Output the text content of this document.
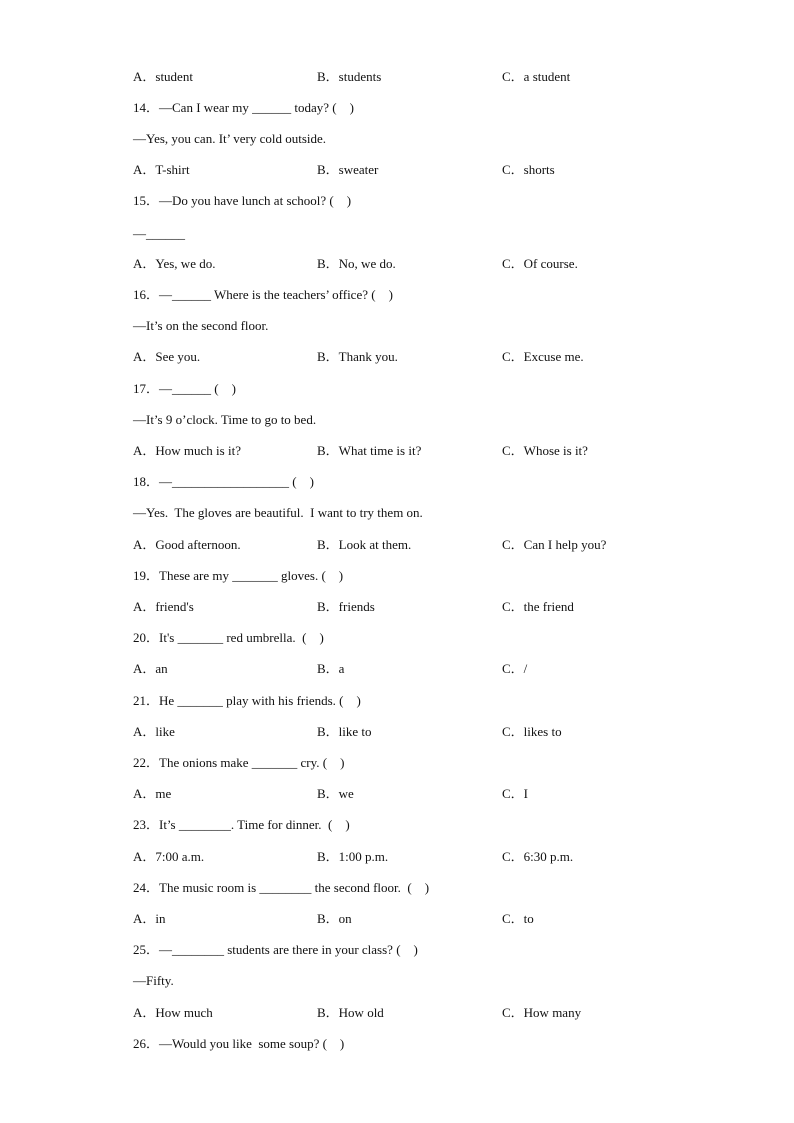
A．student	B．students	C．a student
14．—Can I wear my ______ today? (    )
—Yes, you can. It’ very cold outside.
A．T-shirt	B．sweater	C．shorts
15．—Do you have lunch at school? (    )
—______
A．Yes, we do.	B．No, we do.	C．Of course.
16．—______ Where is the teachers’ office? (    )
—It’s on the second floor.
A．See you.	B．Thank you.	C．Excuse me.
17．—______ (    )
—It’s 9 o’clock. Time to go to bed.
A．How much is it?	B．What time is it?	C．Whose is it?
18．—__________________ (    )
—Yes.  The gloves are beautiful.  I want to try them on.
A．Good afternoon.	B．Look at them.	C．Can I help you?
19．These are my _______ gloves. (    )
A．friend's	B．friends	C．the friend
20．It's _______ red umbrella.  (    )
A．an	B．a	C．/
21．He _______ play with his friends. (    )
A．like	B．like to	C．likes to
22．The onions make _______ cry. (    )
A．me	B．we	C．I
23．It’s ________. Time for dinner.  (    )
A．7:00 a.m.	B．1:00 p.m.	C．6:30 p.m.
24．The music room is ________ the second floor.  (    )
A．in	B．on	C．to
25．—________ students are there in your class? (    )
—Fifty.
A．How much	B．How old	C．How many
26．—Would you like  some soup? (    )
